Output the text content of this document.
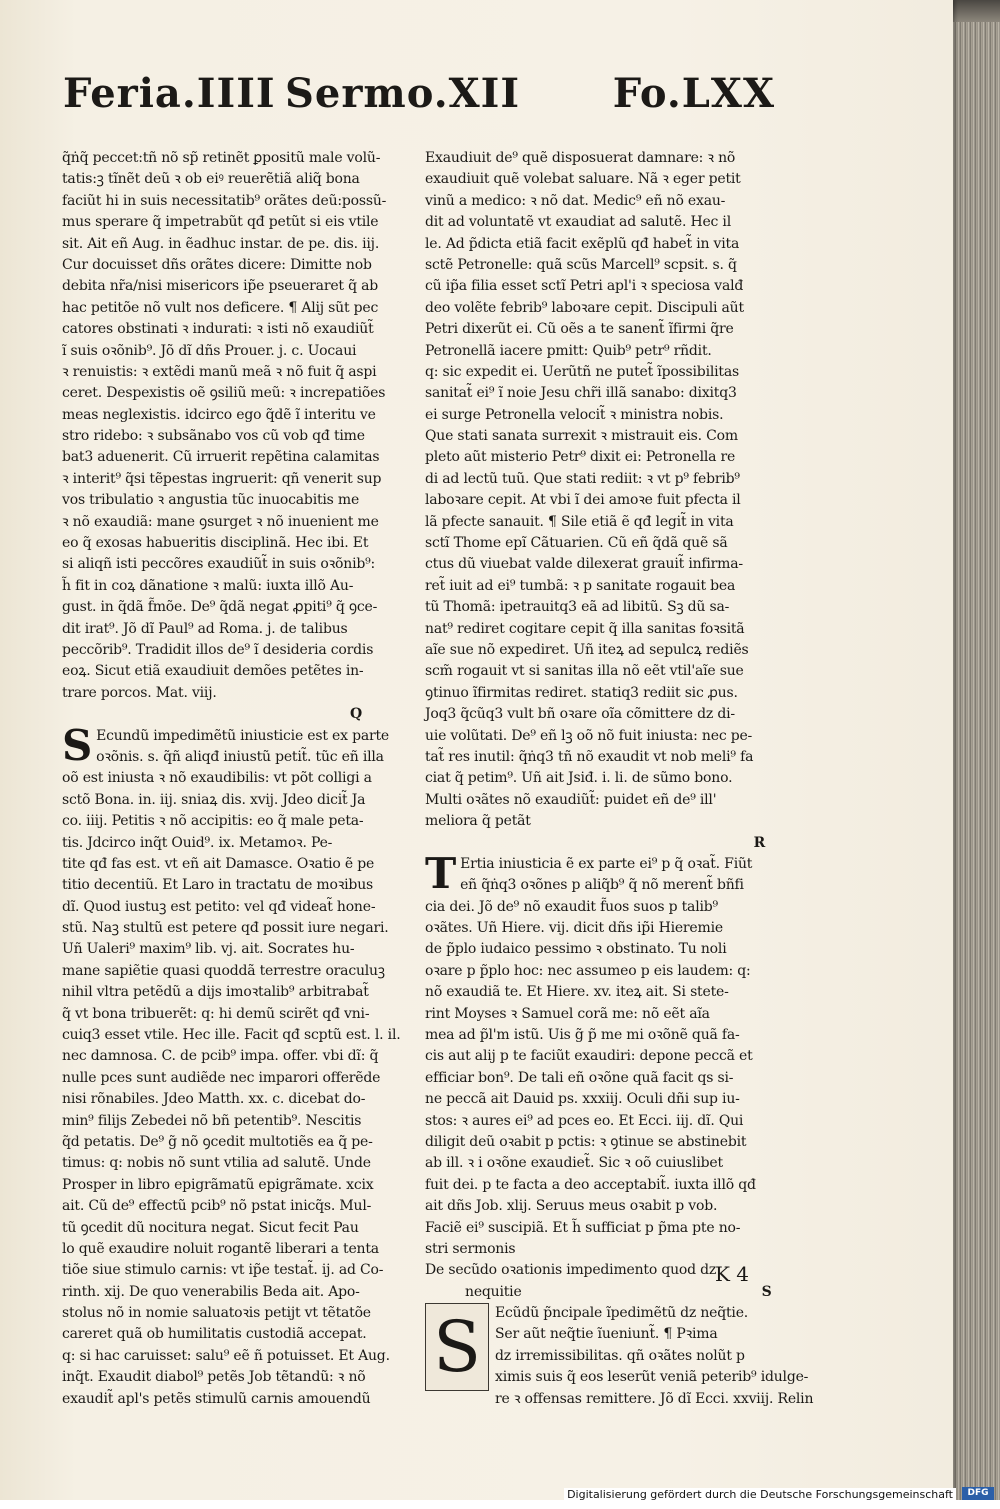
Feria.IIII Sermo.XII Fo.LXX
q̃ṅq̃ peccet:tñ nõ sp̃ retinẽt ꝑpositũ male volũ-
tatis:ꝫ tĩnẽt deũ ꝛ ob eiꝰ reuerẽtiã aliq̃ bona
faciũt hi in suis necessitatib⁹ orãtes deũ:possũ-
mus sperare q̃ impetrabũt qđ petũt si eis vtile
sit. Ait eñ Aug. in ẽadhuc instar. de pe. dis. iij.
Cur docuisset dñs orãtes dicere: Dimitte nob
debita nr̃a/nisi misericors ip̃e pseueraret q̃ ab
hac petitõe nõ vult nos deficere. ¶ Alij sũt pec
catores obstinati ꝛ indurati: ꝛ isti nõ exaudiũt̃
ĩ suis oꝛõnib⁹. Jõ dĩ dñs Prouer. j. c. Uocaui
ꝛ renuistis: ꝛ extẽdi manũ meã ꝛ nõ fuit q̃ aspi
ceret. Despexistis oẽ ꝯsiliũ meũ: ꝛ increpatiões
meas neglexistis. idcirco ego q̃dẽ ĩ interitu ve
stro ridebo: ꝛ subsãnabo vos cũ vob qđ time
bat3 aduenerit. Cũ irruerit repẽtina calamitas
ꝛ interit⁹ q̃si tẽpestas ingruerit: qñ venerit sup
vos tribulatio ꝛ angustia tũc inuocabitis me
ꝛ nõ exaudiã: mane ꝯsurget ꝛ nõ inuenient me
eo q̃ exosas habueritis disciplinã. Hec ibi. Et
si aliqñ isti peccõres exaudiũt̃ in suis oꝛõnib⁹:
h̃ fit in coꝝ dãnatione ꝛ malũ: iuxta illõ Au-
gust. in q̃dã f̃mõe. De⁹ q̃dã negat ꝓpiti⁹ q̃ ꝯce-
dit irat⁹. Jõ dĩ Paul⁹ ad Roma. j. de talibus
peccõrib⁹. Tradidit illos de⁹ ĩ desideria cordis
eoꝝ. Sicut etiã exaudiuit demões petẽtes in-
trare porcos. Mat. viij.
Q
S Ecundũ impedimẽtũ iniusticie est ex parte
oꝛõnis. s. q̃ñ aliqđ iniustũ petit̃. tũc eñ illa
oõ est iniusta ꝛ nõ exaudibilis: vt põt colligi a
sctõ Bona. in. iij. sniaꝝ dis. xvij. Jdeo dicit̃ Ja
co. iiij. Petitis ꝛ nõ accipitis: eo q̃ male peta-
tis. Jdcirco inq̃t Ouid⁹. ix. Metamoꝛ. Pe-
tite qđ fas est. vt eñ ait Damasce. Oꝛatio ẽ pe
titio decentiũ. Et Laro in tractatu de moꝛibus
dĩ. Quod iustuꝫ est petito: vel qđ videat̃ hone-
stũ. Naꝫ stultũ est petere qđ possit iure negari.
Uñ Ualeri⁹ maxim⁹ lib. vj. ait. Socrates hu-
mane sapiẽtie quasi quoddã terrestre oraculuꝫ
nihil vltra petẽdũ a dijs imoꝛtalib⁹ arbitrabat̃
q̃ vt bona tribuerẽt: q: hi demũ scirẽt qđ vni-
cuiq3 esset vtile. Hec ille. Facit qđ scptũ est. l. il.
nec damnosa. C. de pcib⁹ impa. offer. vbi dĩ: q̃
nulle pces sunt audiẽde nec imparori offerẽde
nisi rõnabiles. Jdeo Matth. xx. c. dicebat do-
min⁹ filijs Zebedei nõ bñ petentib⁹. Nescitis
q̃d petatis. De⁹ g̃ nõ ꝯcedit multotiẽs ea q̃ pe-
timus: q: nobis nõ sunt vtilia ad salutẽ. Unde
Prosper in libro epigrãmatũ epigrãmate. xcix
ait. Cũ de⁹ effectũ pcib⁹ nõ pstat inicq̃s. Mul-
tũ ꝯcedit dũ nocitura negat. Sicut fecit Pau
lo quẽ exaudire noluit rogantẽ liberari a tenta
tiõe siue stimulo carnis: vt ip̃e testat̃. ij. ad Co-
rinth. xij. De quo venerabilis Beda ait. Apo-
stolus nõ in nomie saluatoꝛis petijt vt tẽtatõe
careret quã ob humilitatis custodiã accepat.
q: si hac caruisset: salu⁹ eẽ ñ potuisset. Et Aug.
inq̃t. Exaudit diabol⁹ petẽs Job tẽtandũ: ꝛ nõ
exaudit̃ apl's petẽs stimulũ carnis amouendũ
Exaudiuit de⁹ quẽ disposuerat damnare: ꝛ nõ
exaudiuit quẽ volebat saluare. Nã ꝛ eger petit
vinũ a medico: ꝛ nõ dat. Medic⁹ eñ nõ exau-
dit ad voluntatẽ vt exaudiat ad salutẽ. Hec il
le. Ad p̃dicta etiã facit exẽplũ qđ habet̃ in vita
sctẽ Petronelle: quã scũs Marcell⁹ scpsit. s. q̃
cũ ip̃a filia esset sctĩ Petri apl'i ꝛ speciosa valđ
deo volẽte febrib⁹ laboꝛare cepit. Discipuli aũt
Petri dixerũt ei. Cũ oẽs a te sanent̃ ĩfirmi q̃re
Petronellã iacere pmitt: Quib⁹ petr⁹ rñdit.
q: sic expedit ei. Uerũtñ ne putet̃ ĩpossibilitas
sanitat̃ ei⁹ ĩ noie Jesu chr̃i illã sanabo: dixitq3
ei surge Petronella velocit̃ ꝛ ministra nobis.
Que stati sanata surrexit ꝛ mistrauit eis. Com
pleto aũt misterio Petr⁹ dixit ei: Petronella re
di ad lectũ tuũ. Que stati rediit: ꝛ vt p⁹ febrib⁹
laboꝛare cepit. At vbi ĩ dei amoꝛe fuit pfecta il
lã pfecte sanauit. ¶ Sile etiã ẽ qđ legit̃ in vita
sctĩ Thome epĩ Cãtuarien. Cũ eñ q̃dã quẽ sã
ctus dũ viuebat valde dilexerat grauit̃ infirma-
ret̃ iuit ad ei⁹ tumbã: ꝛ p sanitate rogauit bea
tũ Thomã: ipetrauitq3 eã ad libitũ. Sꝫ dũ sa-
nat⁹ rediret cogitare cepit q̃ illa sanitas foꝛsitã
aĩe sue nõ expediret. Uñ iteꝝ ad sepulcꝝ rediẽs
scm̃ rogauit vt si sanitas illa nõ eẽt vtil'aĩe sue
ꝯtinuo ĩfirmitas rediret. statiq3 rediit sic ꝓus.
Joq3 q̃cũq3 vult bñ oꝛare oĩa cõmittere dz di-
uie volũtati. De⁹ eñ lꝫ oõ nõ fuit iniusta: nec pe-
tat̃ res inutil: q̃ṅq3 tñ nõ exaudit vt nob meli⁹ fa
ciat q̃ petim⁹. Uñ ait Jsiđ. i. li. de sũmo bono.
Multi oꝛãtes nõ exaudiũt̃: puidet eñ de⁹ ill'
meliora q̃ petãt
R
T Ertia iniusticia ẽ ex parte ei⁹ p q̃ oꝛat̃. Fiũt
eñ q̃ṅq3 oꝛõnes p aliq̃b⁹ q̃ nõ merent̃ bñfi
cia dei. Jõ de⁹ nõ exaudit f̃uos suos p talib⁹
oꝛãtes. Uñ Hiere. vij. dicit dñs ip̃i Hieremie
de p̃plo iudaico pessimo ꝛ obstinato. Tu noli
oꝛare p p̃plo hoc: nec assumeo p eis laudem: q:
nõ exaudiã te. Et Hiere. xv. iteꝝ ait. Si stete-
rint Moyses ꝛ Samuel corã me: nõ eẽt aĩa
mea ad p̃l'm istũ. Uis g̃ p̃ me mi oꝛõnẽ quã fa-
cis aut alij p te faciũt exaudiri: depone peccã et
efficiar bon⁹. De tali eñ oꝛõne quã facit qs si-
ne peccã ait Dauid ps. xxxiij. Oculi dñi sup iu-
stos: ꝛ aures ei⁹ ad pces eo. Et Ecci. iij. dĩ. Qui
diligit deũ oꝛabit p pctis: ꝛ ꝯtinue se abstinebit
ab ill. ꝛ i oꝛõne exaudiet̃. Sic ꝛ oõ cuiuslibet
fuit dei. p te facta a deo acceptabit̃. iuxta illõ qđ
ait dñs Job. xlij. Seruus meus oꝛabit p vob.
Faciẽ ei⁹ suscipiã. Et h̃ sufficiat p p̃ma pte no-
stri sermonis
De secũdo oꝛationis impedimento quod dz
nequitie	S
S	Ecũdũ p̃ncipale ĩpedimẽtũ dz neq̃tie.
Ser aũt neq̃tie ĩueniunt̃. ¶ Pꝛima
dz irremissibilitas. qñ oꝛãtes nolũt p
ximis suis q̃ eos leserũt veniã peterib⁹ idulge-
re ꝛ offensas remittere. Jõ dĩ Ecci. xxviij. Relin
K 4
Digitalisierung gefördert durch die Deutsche Forschungsgemeinschaft	DFG
